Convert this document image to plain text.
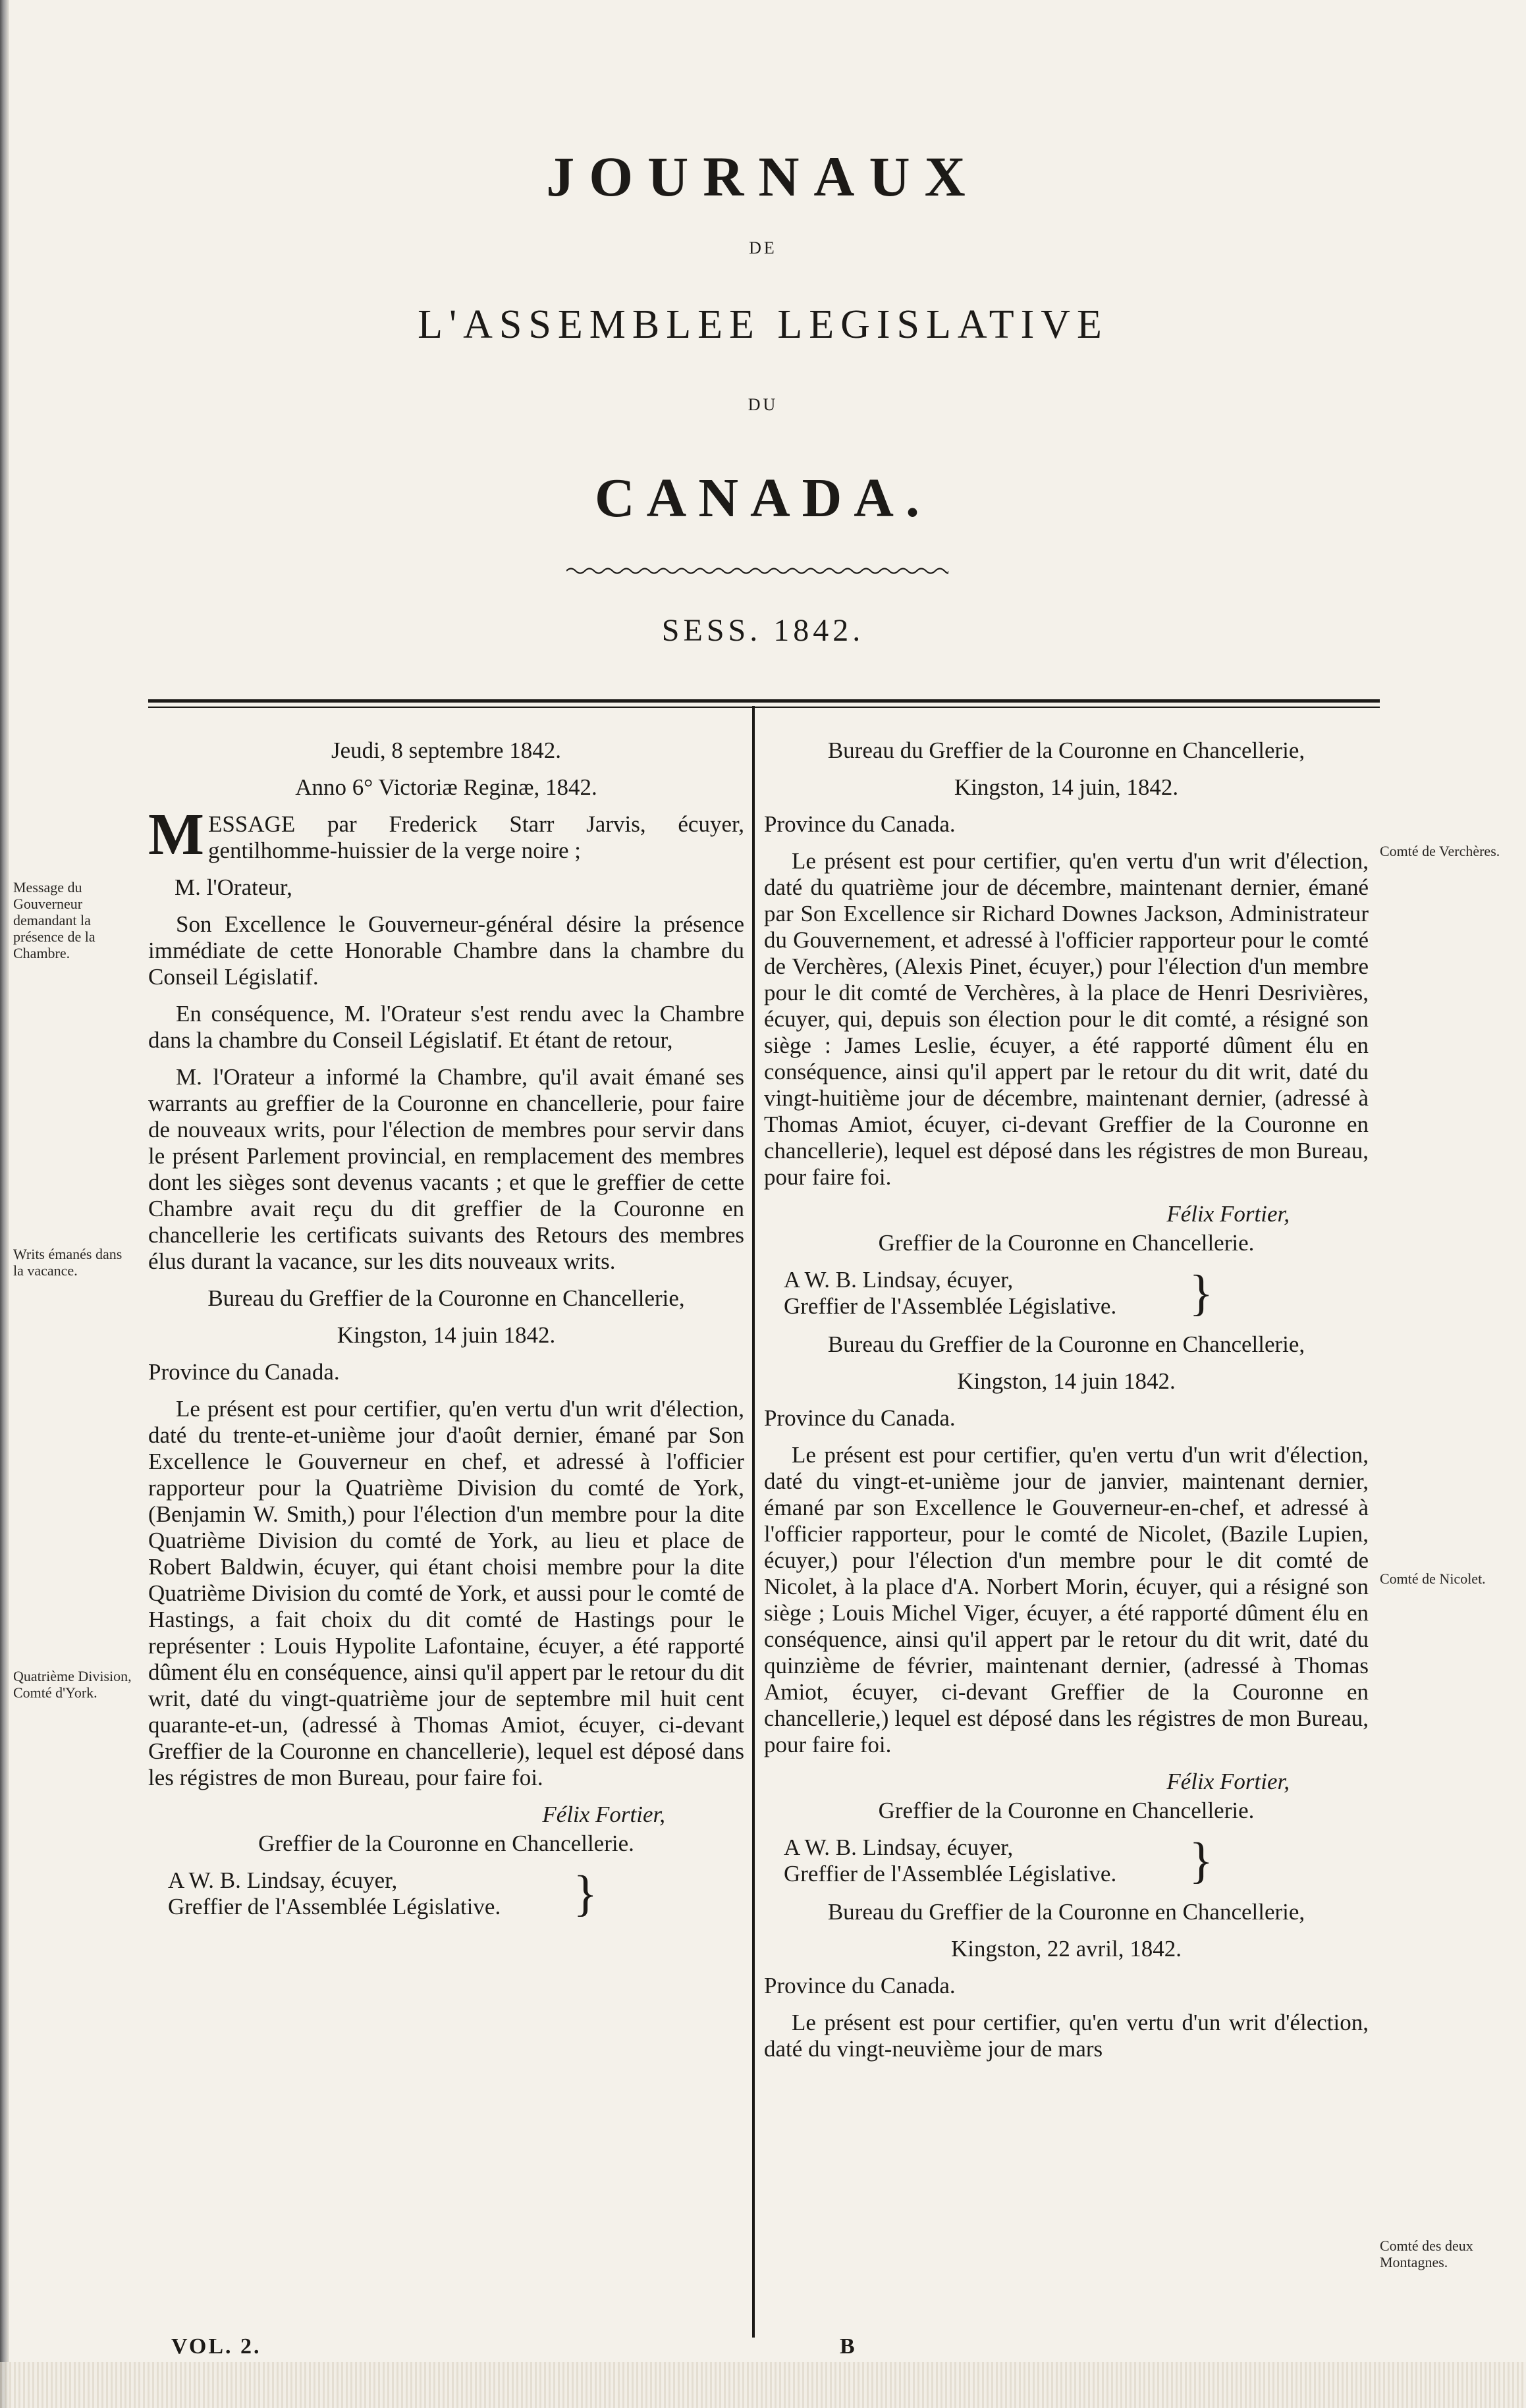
JOURNAUX
DE
L'ASSEMBLEE LEGISLATIVE
DU
CANADA.
SESS. 1842.

Jeudi, 8 septembre 1842.

Anno 6° Victoriæ Reginæ, 1842.

MESSAGE par Frederick Starr Jarvis, écuyer, gentilhomme-huissier de la verge noire ;

M. l'Orateur,

Son Excellence le Gouverneur-général désire la présence immédiate de cette Honorable Chambre dans la chambre du Conseil Législatif.

En conséquence, M. l'Orateur s'est rendu avec la Chambre dans la chambre du Conseil Législatif. Et étant de retour,

M. l'Orateur a informé la Chambre, qu'il avait émané ses warrants au greffier de la Couronne en chancellerie, pour faire de nouveaux writs, pour l'élection de membres pour servir dans le présent Parlement provincial, en remplacement des membres dont les sièges sont devenus vacants ; et que le greffier de cette Chambre avait reçu du dit greffier de la Couronne en chancellerie les certificats suivants des Retours des membres élus durant la vacance, sur les dits nouveaux writs.

Bureau du Greffier de la Couronne en Chancellerie,

Kingston, 14 juin 1842.

Province du Canada.

Le présent est pour certifier, qu'en vertu d'un writ d'élection, daté du trente-et-unième jour d'août dernier, émané par Son Excellence le Gouverneur en chef, et adressé à l'officier rapporteur pour la Quatrième Division du comté de York, (Benjamin W. Smith,) pour l'élection d'un membre pour la dite Quatrième Division du comté de York, au lieu et place de Robert Baldwin, écuyer, qui étant choisi membre pour la dite Quatrième Division du comté de York, et aussi pour le comté de Hastings, a fait choix du dit comté de Hastings pour le représenter : Louis Hypolite Lafontaine, écuyer, a été rapporté dûment élu en conséquence, ainsi qu'il appert par le retour du dit writ, daté du vingt-quatrième jour de septembre mil huit cent quarante-et-un, (adressé à Thomas Amiot, écuyer, ci-devant Greffier de la Couronne en chancellerie), lequel est déposé dans les régistres de mon Bureau, pour faire foi.

Félix Fortier,

Greffier de la Couronne en Chancellerie.

A W. B. Lindsay, écuyer,
Greffier de l'Assemblée Législative.	}

Bureau du Greffier de la Couronne en Chancellerie,

Kingston, 14 juin, 1842.

Province du Canada.

Le présent est pour certifier, qu'en vertu d'un writ d'élection, daté du quatrième jour de décembre, maintenant dernier, émané par Son Excellence sir Richard Downes Jackson, Administrateur du Gouvernement, et adressé à l'officier rapporteur pour le comté de Verchères, (Alexis Pinet, écuyer,) pour l'élection d'un membre pour le dit comté de Verchères, à la place de Henri Desrivières, écuyer, qui, depuis son élection pour le dit comté, a résigné son siège : James Leslie, écuyer, a été rapporté dûment élu en conséquence, ainsi qu'il appert par le retour du dit writ, daté du vingt-huitième jour de décembre, maintenant dernier, (adressé à Thomas Amiot, écuyer, ci-devant Greffier de la Couronne en chancellerie), lequel est déposé dans les régistres de mon Bureau, pour faire foi.

Félix Fortier,

Greffier de la Couronne en Chancellerie.

A W. B. Lindsay, écuyer,
Greffier de l'Assemblée Législative.	}

Bureau du Greffier de la Couronne en Chancellerie,

Kingston, 14 juin 1842.

Province du Canada.

Le présent est pour certifier, qu'en vertu d'un writ d'élection, daté du vingt-et-unième jour de janvier, maintenant dernier, émané par son Excellence le Gouverneur-en-chef, et adressé à l'officier rapporteur, pour le comté de Nicolet, (Bazile Lupien, écuyer,) pour l'élection d'un membre pour le dit comté de Nicolet, à la place d'A. Norbert Morin, écuyer, qui a résigné son siège ; Louis Michel Viger, écuyer, a été rapporté dûment élu en conséquence, ainsi qu'il appert par le retour du dit writ, daté du quinzième de février, maintenant dernier, (adressé à Thomas Amiot, écuyer, ci-devant Greffier de la Couronne en chancellerie,) lequel est déposé dans les régistres de mon Bureau, pour faire foi.

Félix Fortier,

Greffier de la Couronne en Chancellerie.

A W. B. Lindsay, écuyer,
Greffier de l'Assemblée Législative.	}

Bureau du Greffier de la Couronne en Chancellerie,

Kingston, 22 avril, 1842.

Province du Canada.

Le présent est pour certifier, qu'en vertu d'un writ d'élection, daté du vingt-neuvième jour de mars

Message du Gouverneur demandant la présence de la Chambre.
Writs émanés dans la vacance.
Quatrième Division, Comté d'York.
Comté de Verchères.
Comté de Nicolet.
Comté des deux Montagnes.
VOL. 2.	B
